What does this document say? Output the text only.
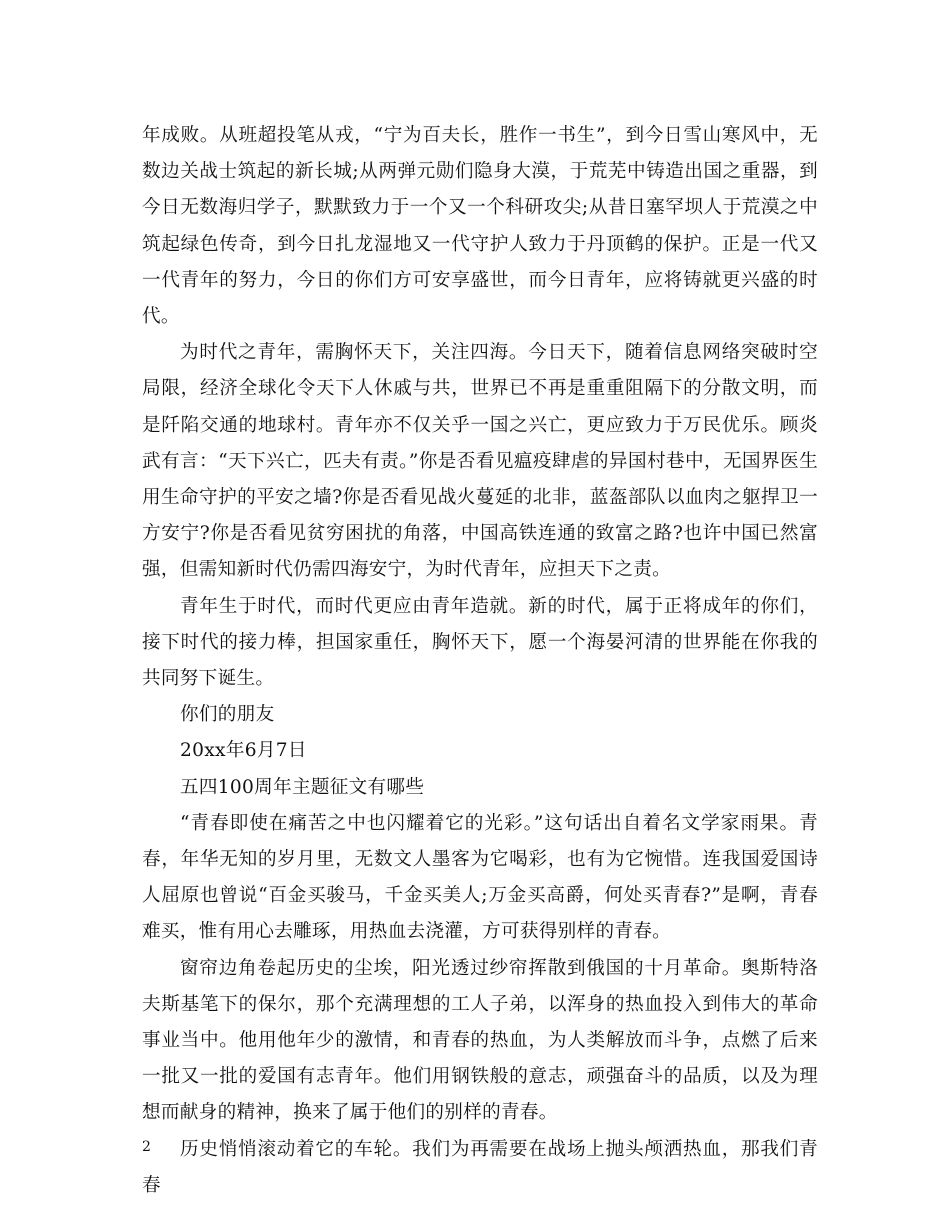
年成败。从班超投笔从戎，“宁为百夫长，胜作一书生”，到今日雪山寒风中，无数边关战士筑起的新长城;从两弹元勋们隐身大漠，于荒芜中铸造出国之重器，到今日无数海归学子，默默致力于一个又一个科研攻尖;从昔日塞罕坝人于荒漠之中筑起绿色传奇，到今日扎龙湿地又一代守护人致力于丹顶鹤的保护。正是一代又一代青年的努力，今日的你们方可安享盛世，而今日青年，应将铸就更兴盛的时代。

为时代之青年，需胸怀天下，关注四海。今日天下，随着信息网络突破时空局限，经济全球化令天下人休戚与共，世界已不再是重重阻隔下的分散文明，而是阡陷交通的地球村。青年亦不仅关乎一国之兴亡，更应致力于万民优乐。顾炎武有言：“天下兴亡，匹夫有责。”你是否看见瘟疫肆虐的异国村巷中，无国界医生用生命守护的平安之墙?你是否看见战火蔓延的北非，蓝盔部队以血肉之躯捍卫一方安宁?你是否看见贫穷困扰的角落，中国高铁连通的致富之路?也许中国已然富强，但需知新时代仍需四海安宁，为时代青年，应担天下之责。

青年生于时代，而时代更应由青年造就。新的时代，属于正将成年的你们，接下时代的接力棒，担国家重任，胸怀天下，愿一个海晏河清的世界能在你我的共同努下诞生。

你们的朋友

20xx年6月7日

五四100周年主题征文有哪些

“青春即使在痛苦之中也闪耀着它的光彩。”这句话出自着名文学家雨果。青春，年华无知的岁月里，无数文人墨客为它喝彩，也有为它惋惜。连我国爱国诗人屈原也曾说“百金买骏马，千金买美人;万金买高爵，何处买青春?”是啊，青春难买，惟有用心去雕琢，用热血去浇灌，方可获得别样的青春。

窗帘边角卷起历史的尘埃，阳光透过纱帘挥散到俄国的十月革命。奥斯特洛夫斯基笔下的保尔，那个充满理想的工人子弟，以浑身的热血投入到伟大的革命事业当中。他用他年少的激情，和青春的热血，为人类解放而斗争，点燃了后来一批又一批的爱国有志青年。他们用钢铁般的意志，顽强奋斗的品质，以及为理想而献身的精神，换来了属于他们的别样的青春。

历史悄悄滚动着它的车轮。我们为再需要在战场上抛头颅洒热血，那我们青春

2
